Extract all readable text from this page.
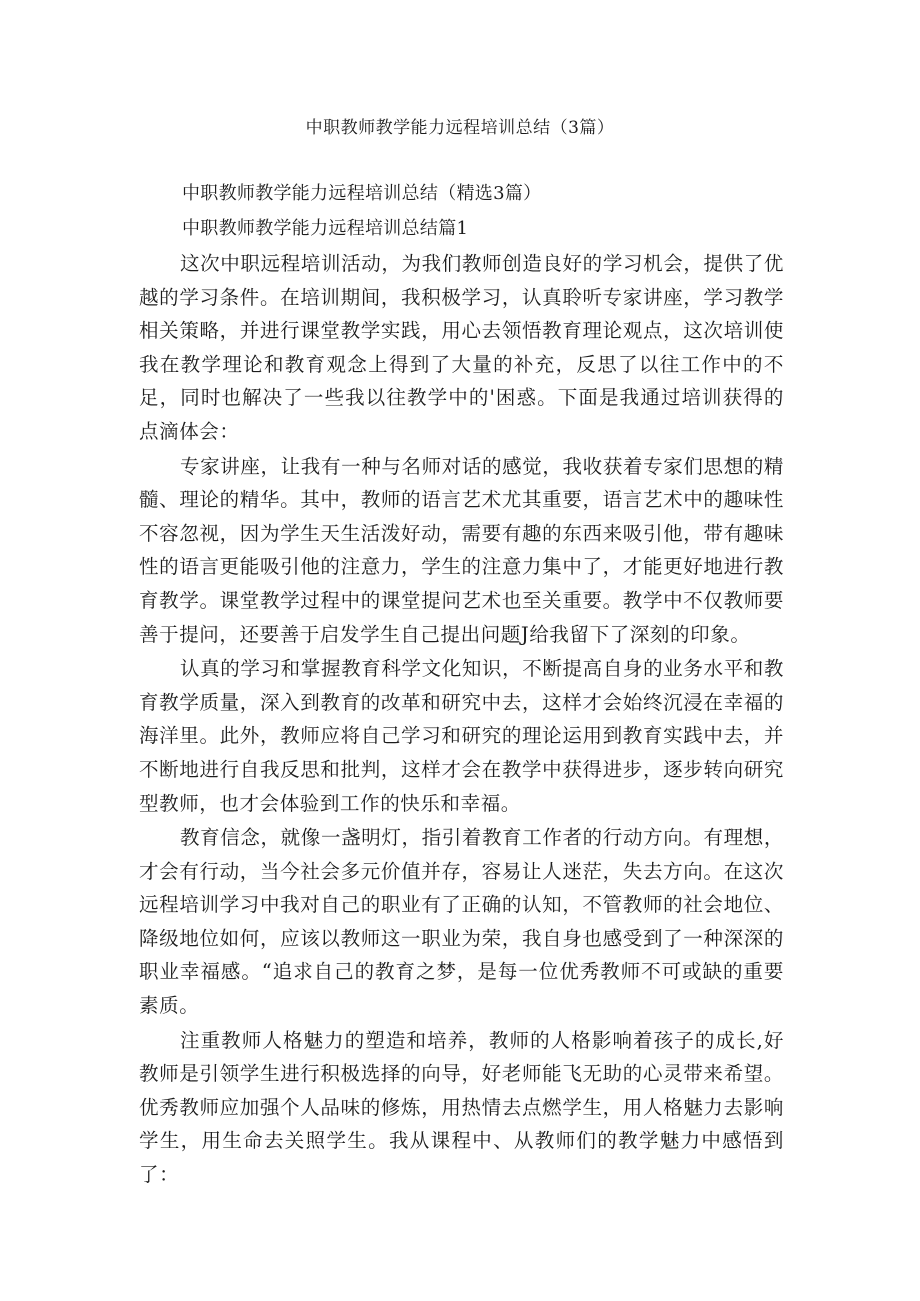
中职教师教学能力远程培训总结（3篇）

中职教师教学能力远程培训总结（精选3篇）

中职教师教学能力远程培训总结篇1

这次中职远程培训活动，为我们教师创造良好的学习机会，提供了优越的学习条件。在培训期间，我积极学习，认真聆听专家讲座，学习教学相关策略，并进行课堂教学实践，用心去领悟教育理论观点，这次培训使我在教学理论和教育观念上得到了大量的补充，反思了以往工作中的不足，同时也解决了一些我以往教学中的'困惑。下面是我通过培训获得的点滴体会：

专家讲座，让我有一种与名师对话的感觉，我收获着专家们思想的精髓、理论的精华。其中，教师的语言艺术尤其重要，语言艺术中的趣味性不容忽视，因为学生天生活泼好动，需要有趣的东西来吸引他，带有趣味性的语言更能吸引他的注意力，学生的注意力集中了，才能更好地进行教育教学。课堂教学过程中的课堂提问艺术也至关重要。教学中不仅教师要善于提问，还要善于启发学生自己提出问题J给我留下了深刻的印象。

认真的学习和掌握教育科学文化知识，不断提高自身的业务水平和教育教学质量，深入到教育的改革和研究中去，这样才会始终沉浸在幸福的海洋里。此外，教师应将自己学习和研究的理论运用到教育实践中去，并不断地进行自我反思和批判，这样才会在教学中获得进步，逐步转向研究型教师，也才会体验到工作的快乐和幸福。

教育信念，就像一盏明灯，指引着教育工作者的行动方向。有理想，才会有行动，当今社会多元价值并存，容易让人迷茫，失去方向。在这次远程培训学习中我对自己的职业有了正确的认知，不管教师的社会地位、降级地位如何，应该以教师这一职业为荣，我自身也感受到了一种深深的职业幸福感。“追求自己的教育之梦，是每一位优秀教师不可或缺的重要素质。

注重教师人格魅力的塑造和培养，教师的人格影响着孩子的成长,好教师是引领学生进行积极选择的向导，好老师能飞无助的心灵带来希望。优秀教师应加强个人品味的修炼，用热情去点燃学生，用人格魅力去影响学生，用生命去关照学生。我从课程中、从教师们的教学魅力中感悟到了：
